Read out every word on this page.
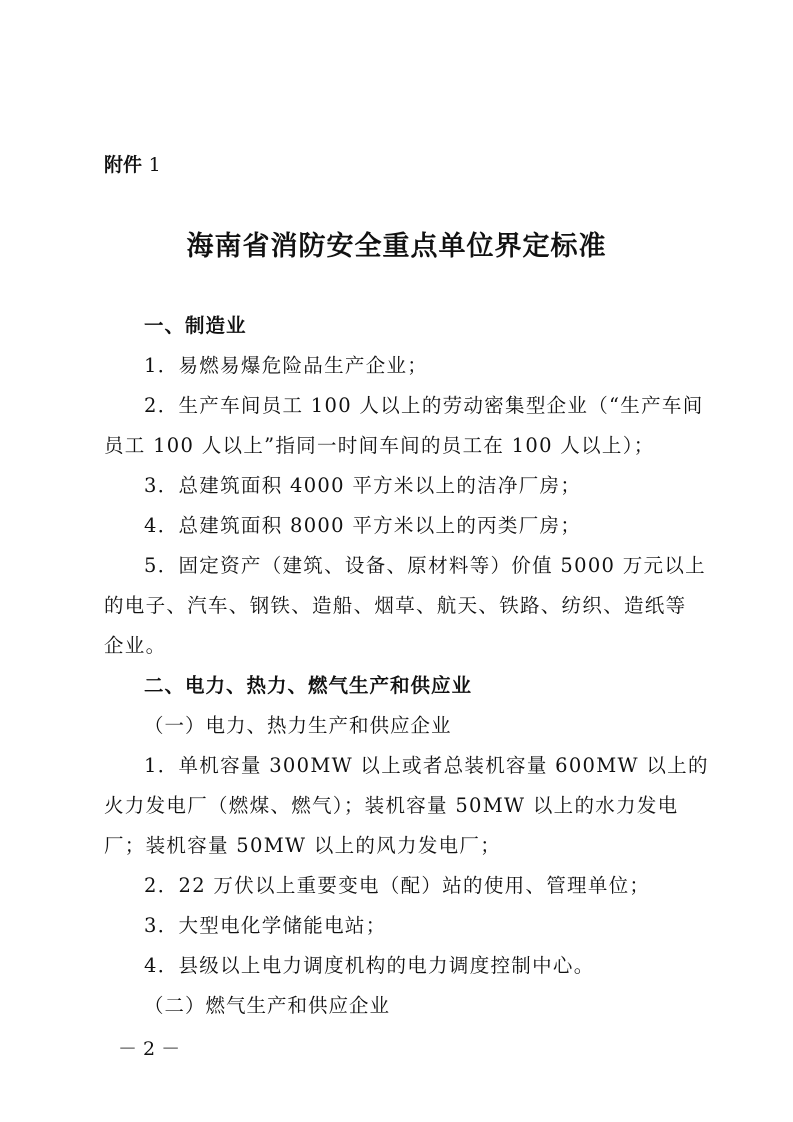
附件 1
海南省消防安全重点单位界定标准
一、制造业
1．易燃易爆危险品生产企业；
2．生产车间员工 100 人以上的劳动密集型企业（“生产车间
员工 100 人以上”指同一时间车间的员工在 100 人以上）；
3．总建筑面积 4000 平方米以上的洁净厂房；
4．总建筑面积 8000 平方米以上的丙类厂房；
5．固定资产（建筑、设备、原材料等）价值 5000 万元以上
的电子、汽车、钢铁、造船、烟草、航天、铁路、纺织、造纸等
企业。
二、电力、热力、燃气生产和供应业
（一）电力、热力生产和供应企业
1．单机容量 300MW 以上或者总装机容量 600MW 以上的
火力发电厂（燃煤、燃气）；装机容量 50MW 以上的水力发电
厂；装机容量 50MW 以上的风力发电厂；
2．22 万伏以上重要变电（配）站的使用、管理单位；
3．大型电化学储能电站；
4．县级以上电力调度机构的电力调度控制中心。
（二）燃气生产和供应企业
－ 2 －
